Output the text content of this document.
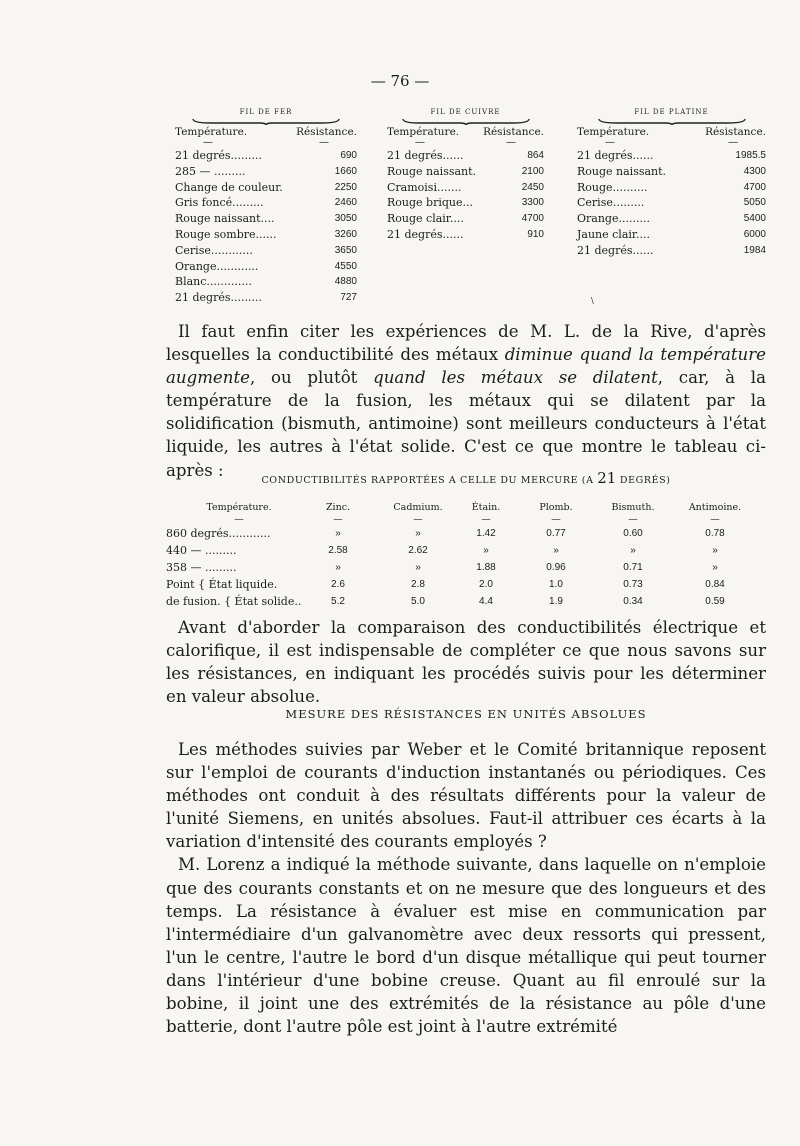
— 76 —
FIL DE FER
Température.	Résistance.
—	—
21 degrés.........	690
285 — .........	1660
Change de couleur.	2250
Gris foncé.........	2460
Rouge naissant....	3050
Rouge sombre......	3260
Cerise............	3650
Orange............	4550
Blanc.............	4880
21 degrés.........	727
FIL DE CUIVRE
Température. Résistance.
—	—
21 degrés......	864
Rouge naissant.	2100
Cramoisi.......	2450
Rouge brique...	3300
Rouge clair....	4700
21 degrés......	910
FIL DE PLATINE
Température.	Résistance.
—	—
21 degrés......	1985.5
Rouge naissant.	4300
Rouge..........	4700
Cerise.........	5050
Orange.........	5400
Jaune clair....	6000
21 degrés......	1984
\

Il faut enfin citer les expériences de M. L. de la Rive, d'après lesquelles la conductibilité des métaux diminue quand la température augmente, ou plutôt quand les métaux se dilatent, car, à la température de la fusion, les métaux qui se dilatent par la solidification (bismuth, antimoine) sont meilleurs conducteurs à l'état liquide, les autres à l'état solide. C'est ce que montre le tableau ci-après :

CONDUCTIBILITÉS RAPPORTÉES A CELLE DU MERCURE (A 21 DEGRÉS)
Température.	Zinc.	Cadmium.	Étain.	Plomb.	Bismuth.	Antimoine.
—	—	—	—	—	—	—
860 degrés............	»	»	1.42	0.77	0.60	0.78
440 — .........	2.58	2.62	»	»	»	»
358 — .........	»	»	1.88	0.96	0.71	»
Point { État liquide.	2.6	2.8	2.0	1.0	0.73	0.84
de fusion. { État solide..	5.2	5.0	4.4	1.9	0.34	0.59

Avant d'aborder la comparaison des conductibilités électrique et calorifique, il est indispensable de compléter ce que nous savons sur les résistances, en indiquant les procédés suivis pour les déterminer en valeur absolue.

MESURE DES RÉSISTANCES EN UNITÉS ABSOLUES

Les méthodes suivies par Weber et le Comité britannique reposent sur l'emploi de courants d'induction instantanés ou périodiques. Ces méthodes ont conduit à des résultats différents pour la valeur de l'unité Siemens, en unités absolues. Faut-il attribuer ces écarts à la variation d'intensité des courants employés ?
M. Lorenz a indiqué la méthode suivante, dans laquelle on n'emploie que des courants constants et on ne mesure que des longueurs et des temps. La résistance à évaluer est mise en communication par l'intermédiaire d'un galvanomètre avec deux ressorts qui pressent, l'un le centre, l'autre le bord d'un disque métallique qui peut tourner dans l'intérieur d'une bobine creuse. Quant au fil enroulé sur la bobine, il joint une des extrémités de la résistance au pôle d'une batterie, dont l'autre pôle est joint à l'autre extrémité
